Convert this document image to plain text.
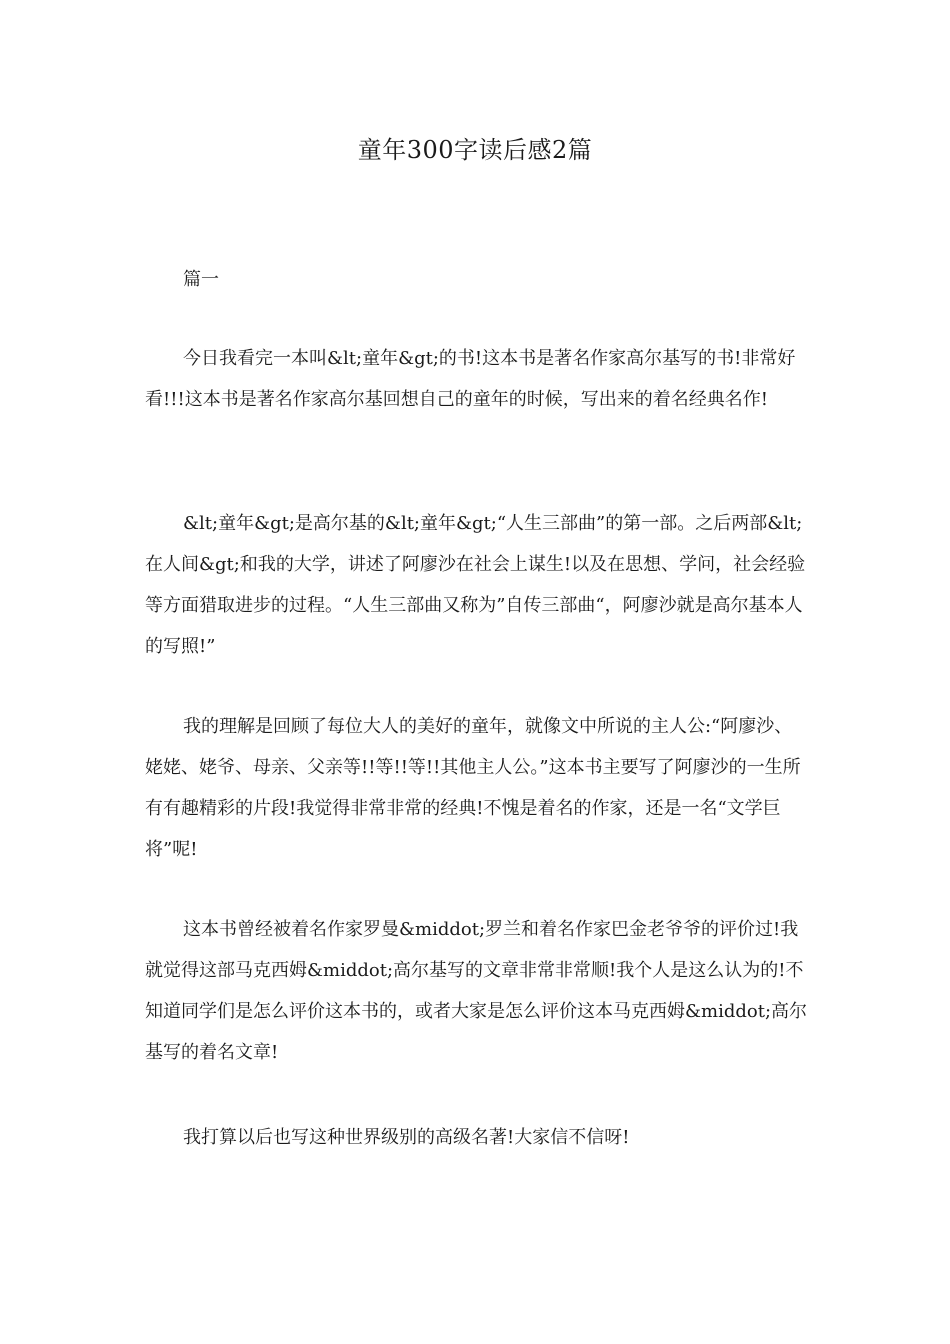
童年300字读后感2篇
篇一

今日我看完一本叫&lt;童年&gt;的书!这本书是著名作家高尔基写的书!非常好看!!!这本书是著名作家高尔基回想自己的童年的时候，写出来的着名经典名作!

&lt;童年&gt;是高尔基的&lt;童年&gt;“人生三部曲”的第一部。之后两部&lt;在人间&gt;和我的大学，讲述了阿廖沙在社会上谋生!以及在思想、学问，社会经验等方面猎取进步的过程。“人生三部曲又称为”自传三部曲“，阿廖沙就是高尔基本人的写照!”

我的理解是回顾了每位大人的美好的童年，就像文中所说的主人公:“阿廖沙、姥姥、姥爷、母亲、父亲等!!等!!等!!其他主人公。”这本书主要写了阿廖沙的一生所有有趣精彩的片段!我觉得非常非常的经典!不愧是着名的作家，还是一名“文学巨将”呢!

这本书曾经被着名作家罗曼&middot;罗兰和着名作家巴金老爷爷的评价过!我就觉得这部马克西姆&middot;高尔基写的文章非常非常顺!我个人是这么认为的!不知道同学们是怎么评价这本书的，或者大家是怎么评价这本马克西姆&middot;高尔基写的着名文章!

我打算以后也写这种世界级别的高级名著!大家信不信呀!
